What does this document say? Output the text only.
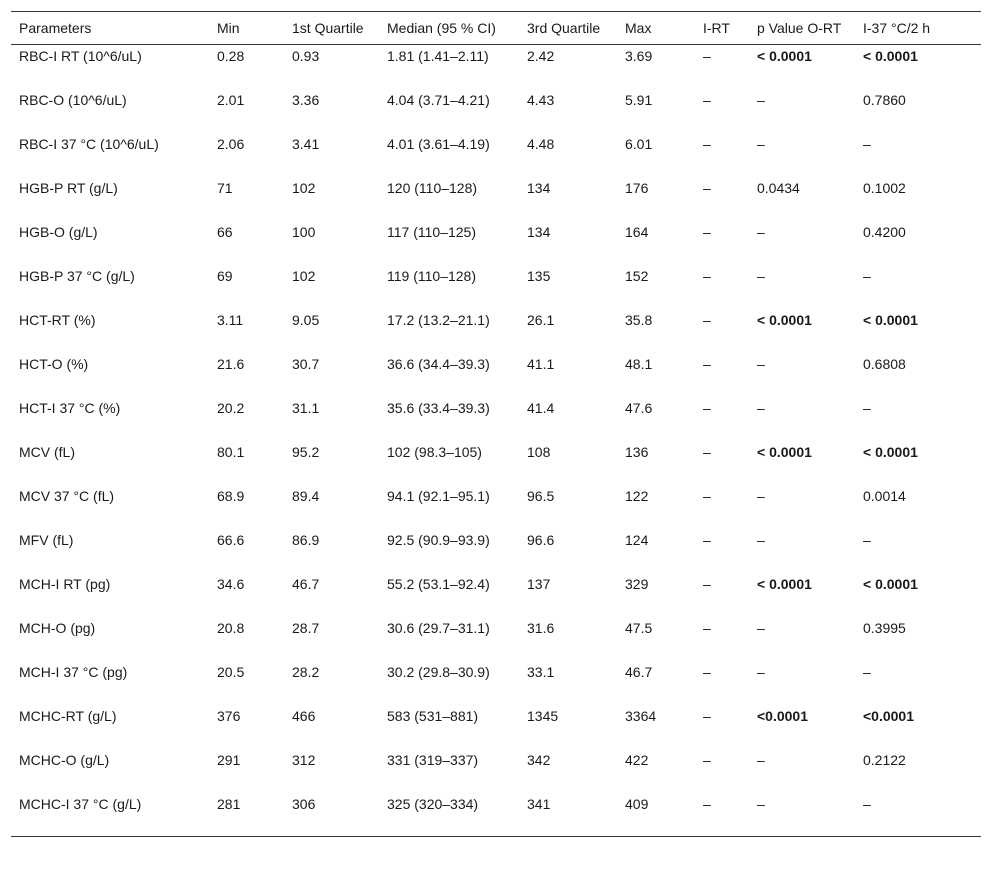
Parameters	Min	1st Quartile	Median (95 % CI)	3rd Quartile	Max	I-RT	p Value O-RT	I-37 °C/2 h
RBC-I RT (10^6/uL)	0.28	0.93	1.81 (1.41–2.11)	2.42	3.69	–	< 0.0001	< 0.0001
RBC-O (10^6/uL)	2.01	3.36	4.04 (3.71–4.21)	4.43	5.91	–	–	0.7860
RBC-I 37 °C (10^6/uL)	2.06	3.41	4.01 (3.61–4.19)	4.48	6.01	–	–	–
HGB-P RT (g/L)	71	102	120 (110–128)	134	176	–	0.0434	0.1002
HGB-O (g/L)	66	100	117 (110–125)	134	164	–	–	0.4200
HGB-P 37 °C (g/L)	69	102	119 (110–128)	135	152	–	–	–
HCT-RT (%)	3.11	9.05	17.2 (13.2–21.1)	26.1	35.8	–	< 0.0001	< 0.0001
HCT-O (%)	21.6	30.7	36.6 (34.4–39.3)	41.1	48.1	–	–	0.6808
HCT-I 37 °C (%)	20.2	31.1	35.6 (33.4–39.3)	41.4	47.6	–	–	–
MCV (fL)	80.1	95.2	102 (98.3–105)	108	136	–	< 0.0001	< 0.0001
MCV 37 °C (fL)	68.9	89.4	94.1 (92.1–95.1)	96.5	122	–	–	0.0014
MFV (fL)	66.6	86.9	92.5 (90.9–93.9)	96.6	124	–	–	–
MCH-I RT (pg)	34.6	46.7	55.2 (53.1–92.4)	137	329	–	< 0.0001	< 0.0001
MCH-O (pg)	20.8	28.7	30.6 (29.7–31.1)	31.6	47.5	–	–	0.3995
MCH-I 37 °C (pg)	20.5	28.2	30.2 (29.8–30.9)	33.1	46.7	–	–	–
MCHC-RT (g/L)	376	466	583 (531–881)	1345	3364	–	<0.0001	<0.0001
MCHC-O (g/L)	291	312	331 (319–337)	342	422	–	–	0.2122
MCHC-I 37 °C (g/L)	281	306	325 (320–334)	341	409	–	–	–
